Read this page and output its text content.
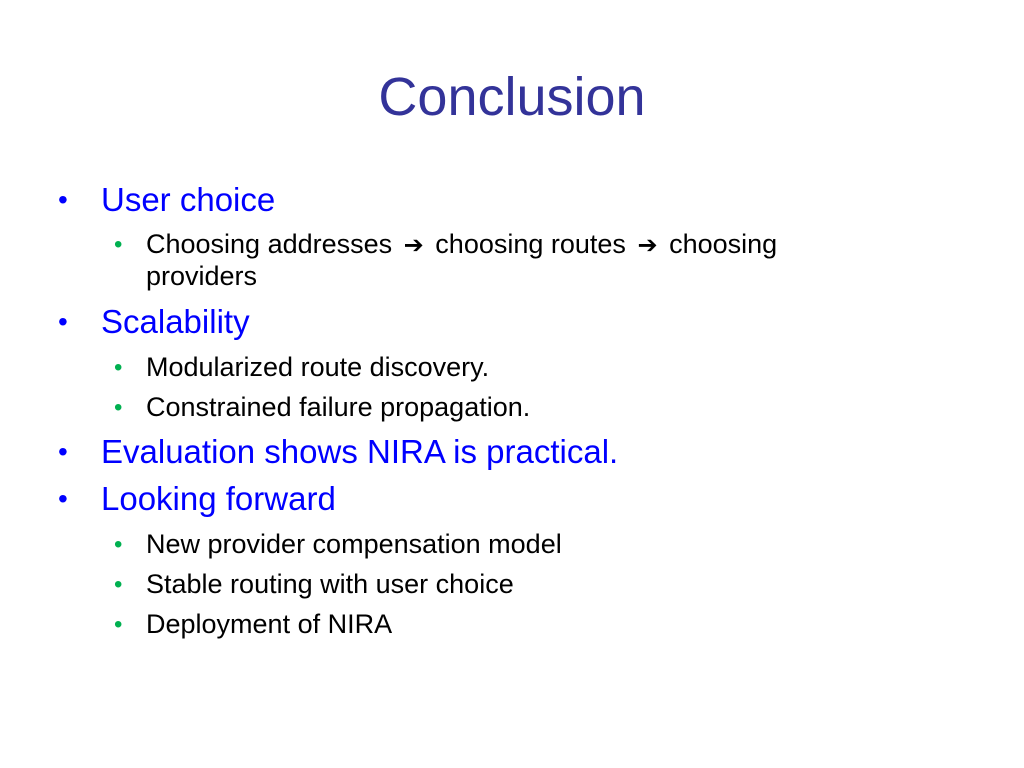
Conclusion
• User choice
• Choosing addresses ➔ choosing routes ➔ choosing
providers
• Scalability
• Modularized route discovery.
• Constrained failure propagation.
• Evaluation shows NIRA is practical.
• Looking forward
• New provider compensation model
• Stable routing with user choice
• Deployment of NIRA
